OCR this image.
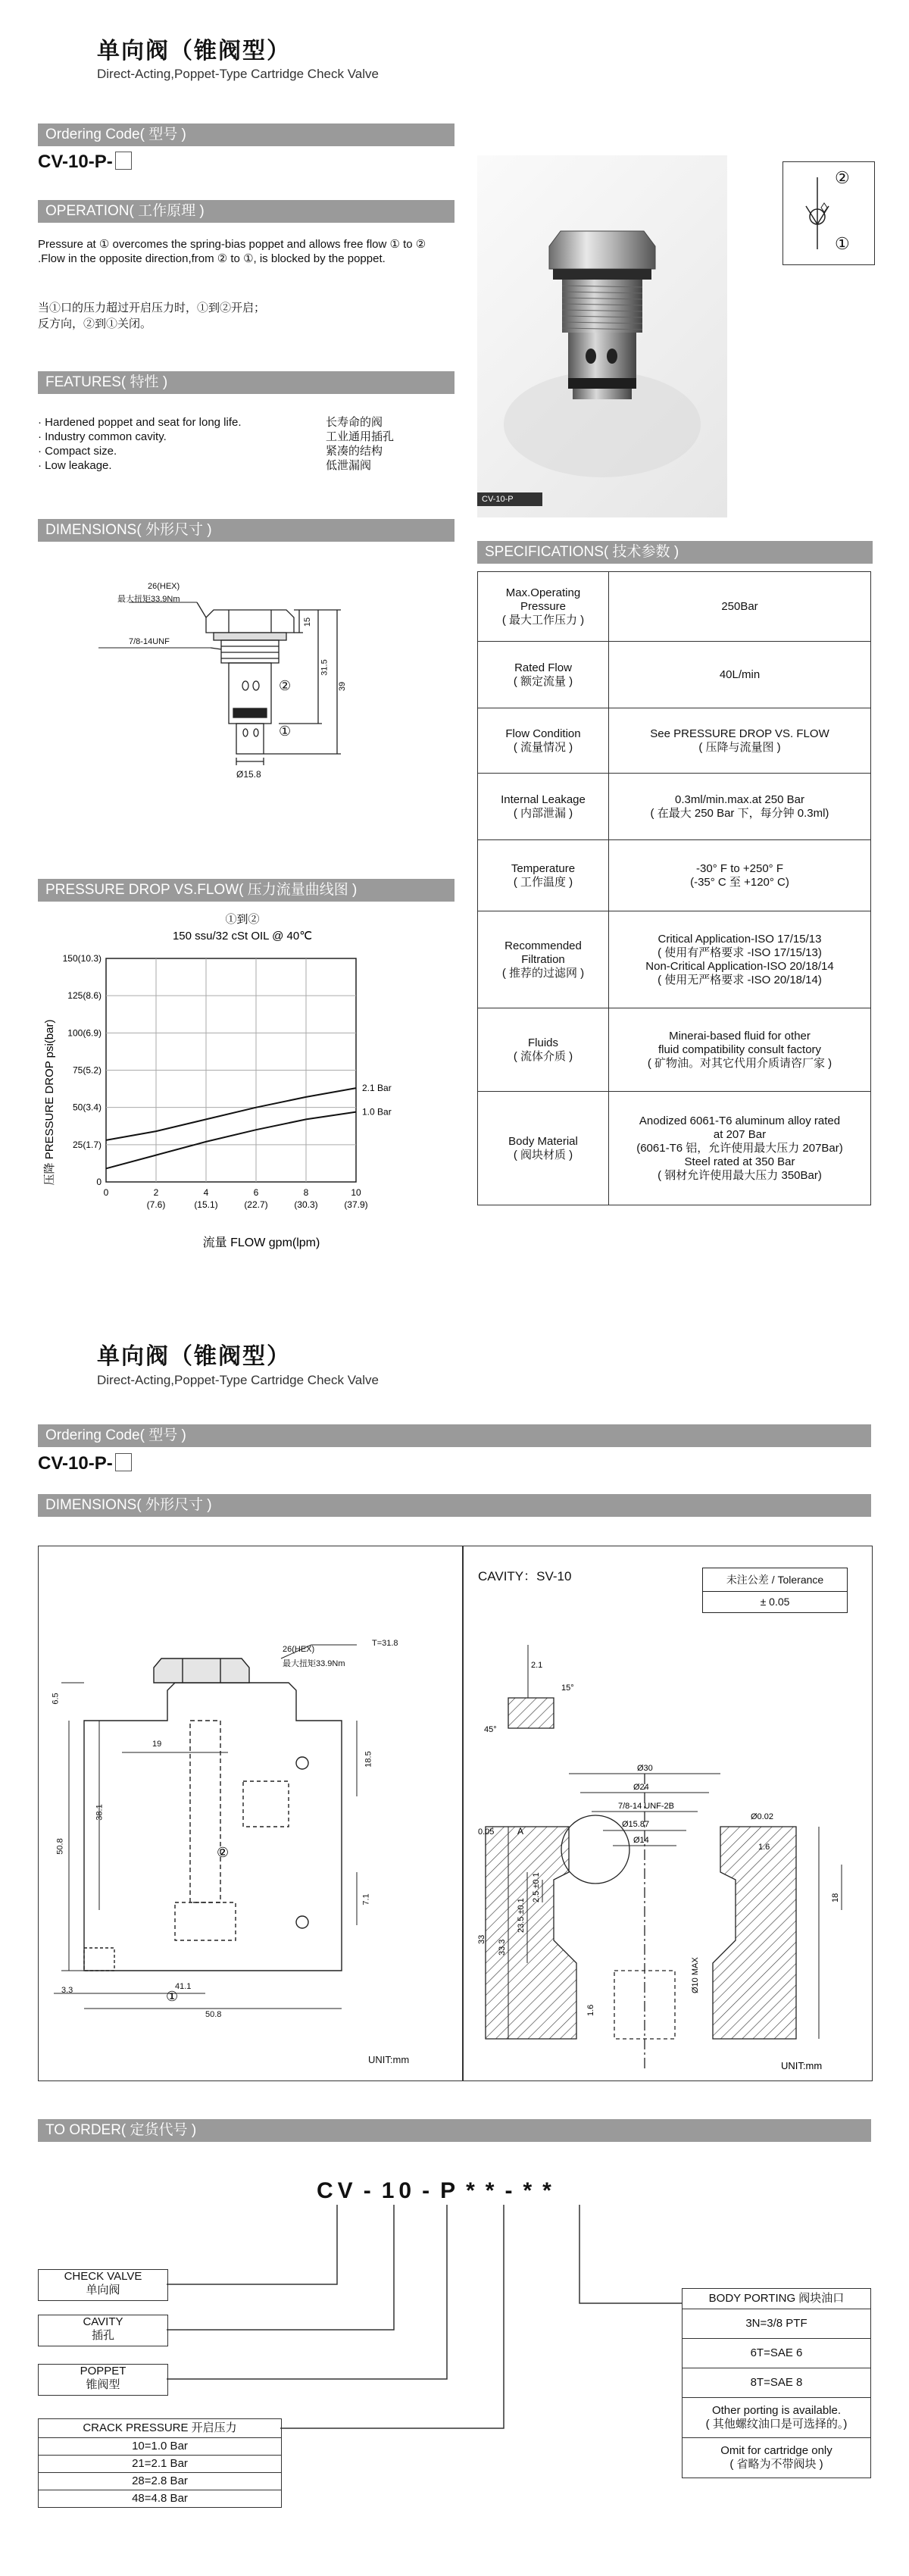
单向阀（锥阀型）
Direct-Acting,Poppet-Type Cartridge Check Valve
Ordering Code( 型号 )
CV-10-P-
OPERATION( 工作原理 )
Pressure at ① overcomes the spring-bias poppet and allows free flow ① to ② .Flow in the opposite direction,from ② to ①, is blocked by the poppet.
当①口的压力超过开启压力时，①到②开启；
反方向，②到①关闭。
FEATURES( 特性 )
· Hardened poppet and seat for long life.	长寿命的阀
· Industry common cavity.	工业通用插孔
· Compact size.	紧凑的结构
· Low leakage.	低泄漏阀
CV-10-P
②
①
DIMENSIONS( 外形尺寸 )
26(HEX)
最大扭矩33.9Nm
7/8-14UNF
15
39
31.5
Ø15.8
②
①
SPECIFICATIONS( 技术参数 )
Max.Operating
Pressure
( 最大工作压力 )	250Bar
Rated Flow
( 额定流量 )	40L/min
Flow Condition
( 流量情况 )	See PRESSURE DROP VS. FLOW
( 压降与流量图 )
Internal Leakage
( 内部泄漏 )	0.3ml/min.max.at 250 Bar
( 在最大 250 Bar 下，每分钟 0.3ml)
Temperature
( 工作温度 )	-30° F to +250° F
(-35° C 至 +120° C)
Recommended
Filtration
( 推荐的过滤网 )	Critical Application-ISO 17/15/13
( 使用有严格要求 -ISO 17/15/13)
Non-Critical Application-ISO 20/18/14
( 使用无严格要求 -ISO 20/18/14)
Fluids
( 流体介质 )	Minerai-based fluid for other
fluid compatibility consult factory
( 矿物油。对其它代用介质请咨厂家 )
Body Material
( 阀块材质 )	Anodized 6061-T6 aluminum alloy rated
at 207 Bar
(6061-T6 铝，允许使用最大压力 207Bar)
Steel rated at 350 Bar
( 钢材允许使用最大压力 350Bar)
PRESSURE DROP VS.FLOW( 压力流量曲线图 )
①到②
150 ssu/32 cSt OIL @ 40℃
150(10.3)
125(8.6)
100(6.9)
75(5.2)
50(3.4)
25(1.7)
0
0	2
(7.6)
4
(15.1)
6
(22.7)
8
(30.3)
10
(37.9)
2.1 Bar
1.0 Bar
压降 PRESSURE DROP psi(bar)
流量 FLOW gpm(lpm)
单向阀（锥阀型）
Direct-Acting,Poppet-Type Cartridge Check Valve
Ordering Code( 型号 )
CV-10-P-
DIMENSIONS( 外形尺寸 )
②
①
26(HEX)
最大扭矩33.9Nm
T=31.8
6.5
19
18.5
38.1
50.8
7.1
3.3	41.1
50.8
UNIT:mm
CAVITY：SV-10	未注公差 / Tolerance
± 0.05
2.1
15°
45°
Ø30
Ø24
7/8-14 UNF-2B
Ø15.87
Ø14
0.05	A
Ø0.02
1.6
33.3
23.5 ±0.1
2.5 ±0.1	18
33
1.6
Ø10 MAX
UNIT:mm
TO ORDER( 定货代号 )
CV - 10 - P * * - * *
CHECK VALVE
单向阀
CAVITY
插孔
POPPET
锥阀型
CRACK PRESSURE 开启压力
10=1.0 Bar
21=2.1 Bar
28=2.8 Bar
48=4.8 Bar
BODY PORTING 阀块油口
3N=3/8 PTF
6T=SAE 6
8T=SAE 8
Other porting is available.
( 其他螺纹油口是可选择的。)
Omit for cartridge only
( 省略为不带阀块 )
